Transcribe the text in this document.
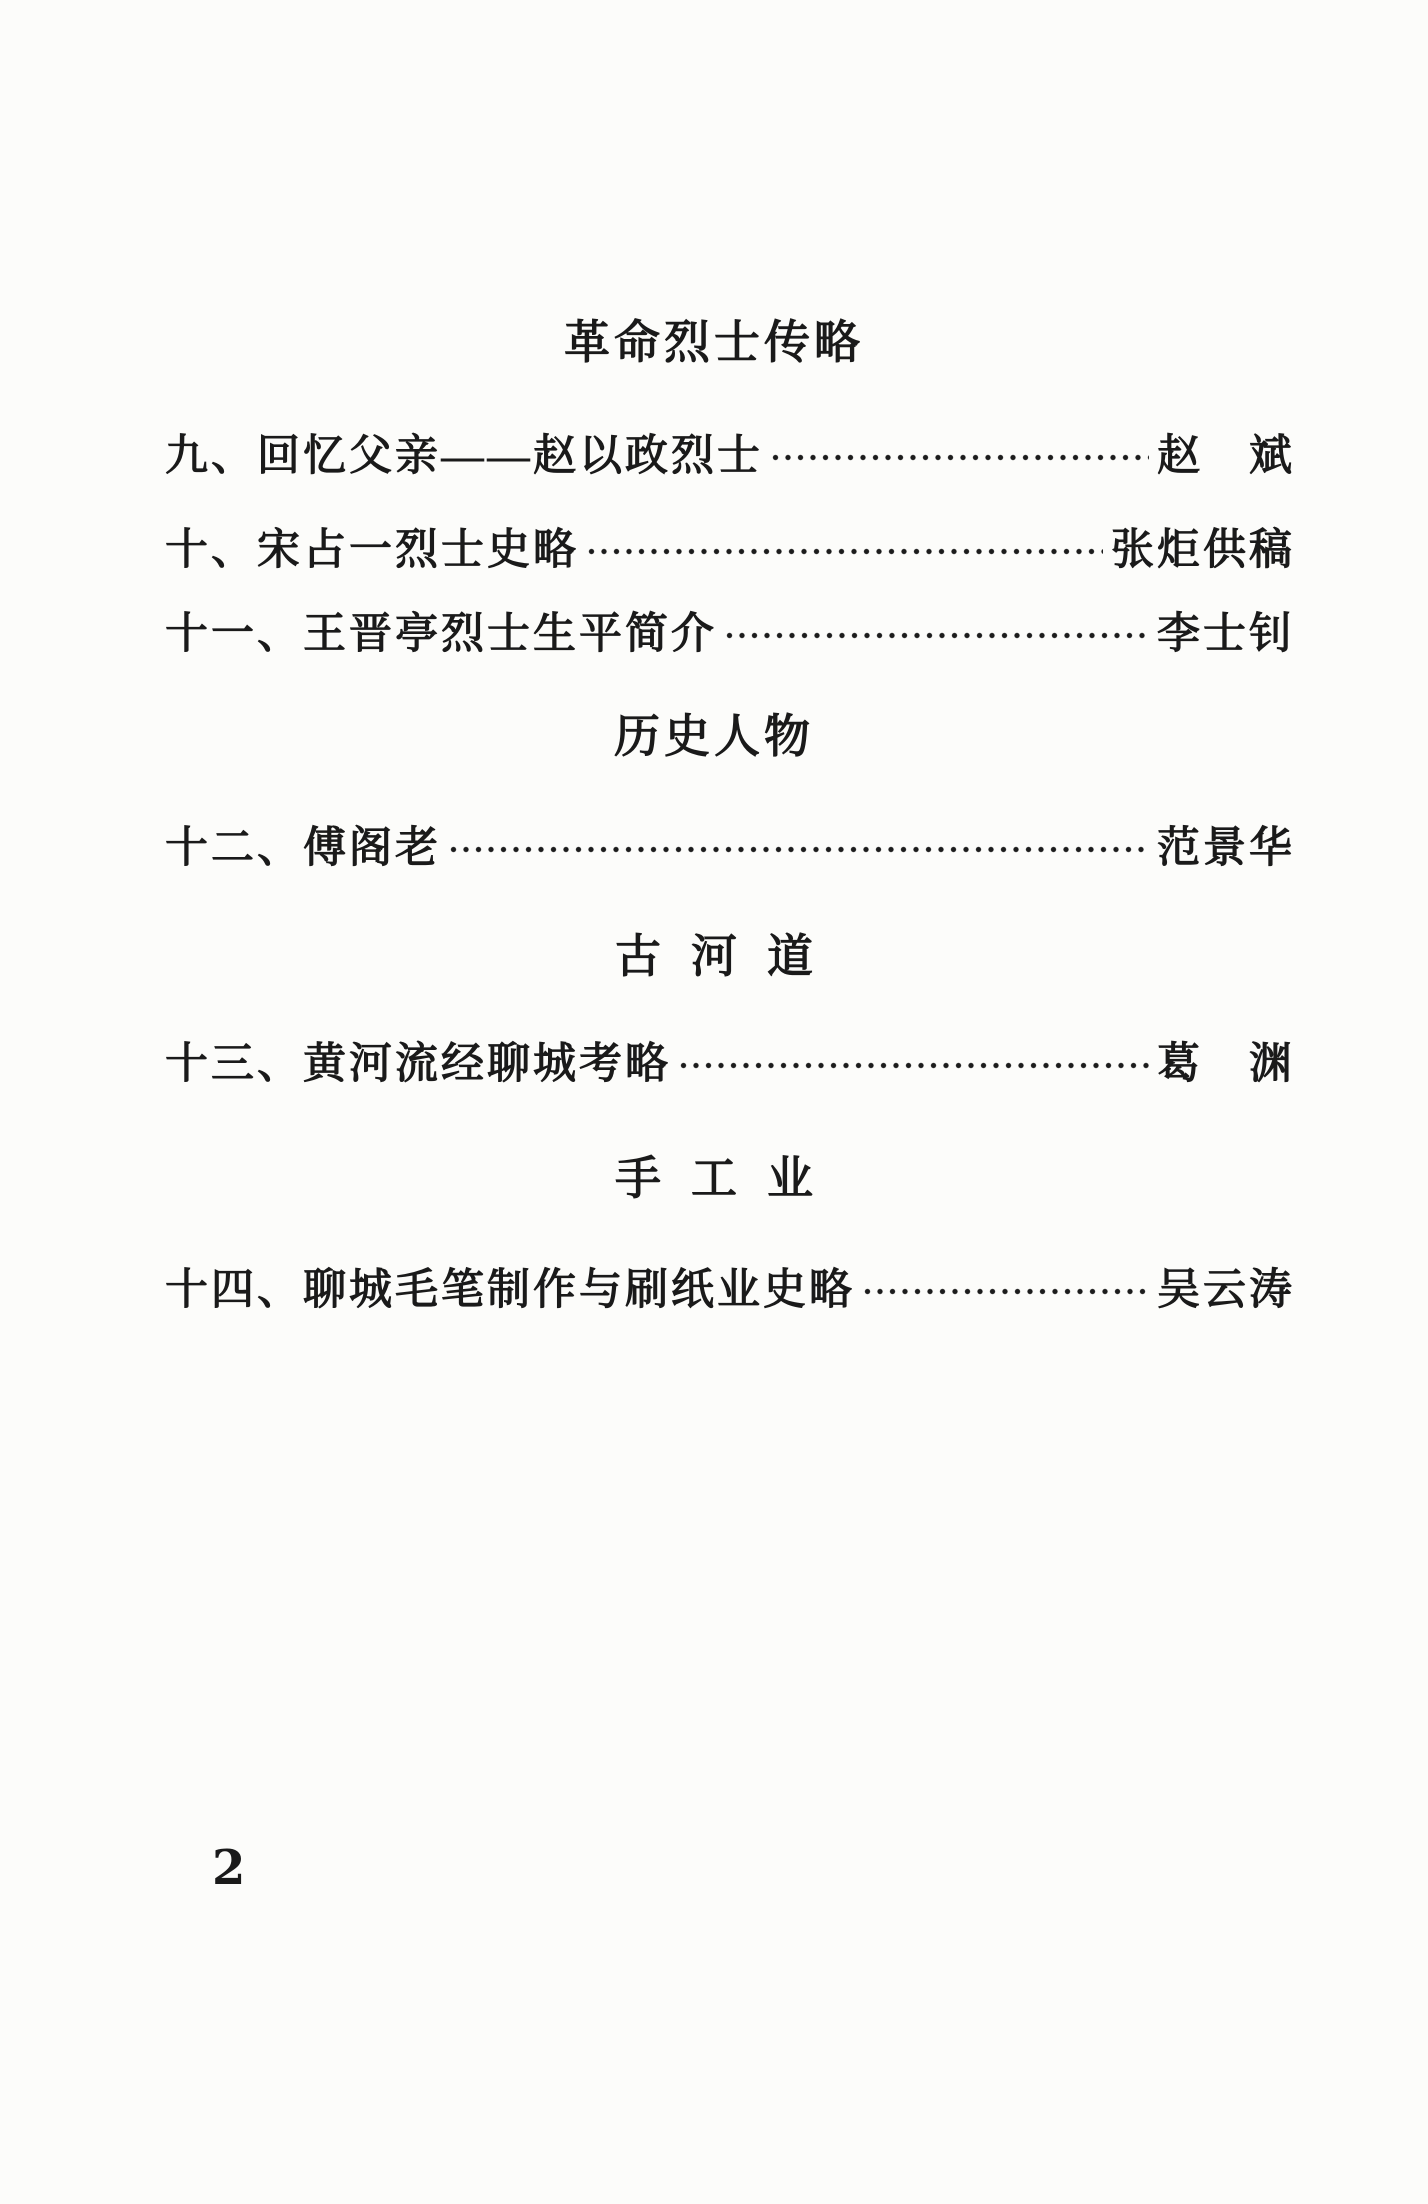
革命烈士传略
九、回忆父亲——赵以政烈士	赵　斌
十、宋占一烈士史略	张炬供稿
十一、王晋亭烈士生平简介	李士钊
历史人物
十二、傅阁老	范景华
古河道
十三、黄河流经聊城考略	葛　渊
手工业
十四、聊城毛笔制作与刷纸业史略	吴云涛
2
